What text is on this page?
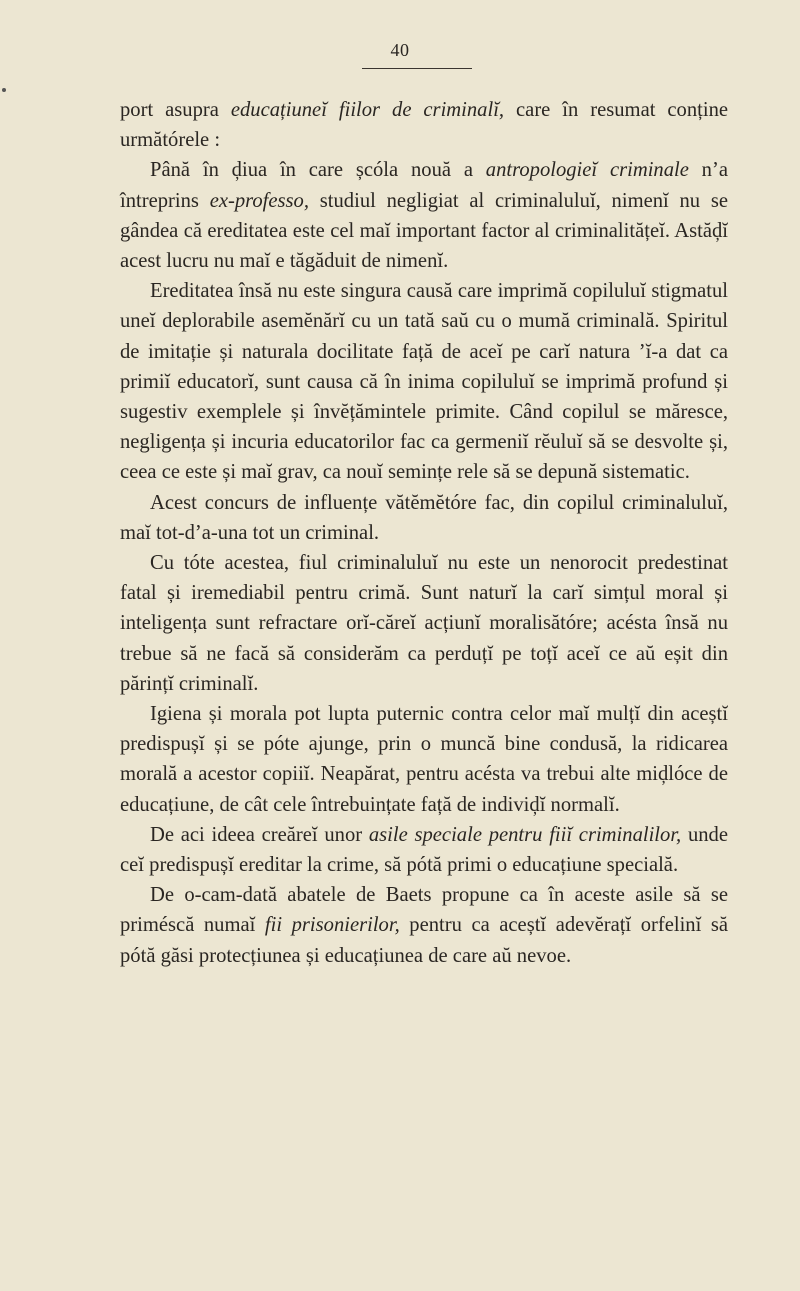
40

port asupra educațiuneĭ fiilor de criminalĭ, care în resumat conține următórele :

Până în ḑiua în care șcóla nouă a antropologieĭ criminale n’a întreprins ex-professo, studiul negligiat al criminaluluĭ, nimenĭ nu se gândea că ereditatea este cel maĭ important factor al criminalitățeĭ. Astăḑĭ acest lucru nu maĭ e tăgăduit de nimenĭ.

Ereditatea însă nu este singura causă care imprimă copiluluĭ stigmatul uneĭ deplorabile asemĕnărĭ cu un tată saŭ cu o mumă criminală. Spiritul de imitație și naturala docilitate față de aceĭ pe carĭ natura ’ĭ-a dat ca primiĭ educatorĭ, sunt causa că în inima copiluluĭ se imprimă profund și sugestiv exemplele și învĕțămintele primite. Când copilul se măresce, negligența și incuria educatorilor fac ca germeniĭ rĕuluĭ să se desvolte și, ceea ce este și maĭ grav, ca nouĭ semințe rele să se depună sistematic.

Acest concurs de influențe vătĕmĕtóre fac, din copilul criminaluluĭ, maĭ tot-d’a-una tot un criminal.

Cu tóte acestea, fiul criminaluluĭ nu este un nenorocit predestinat fatal și iremediabil pentru crimă. Sunt naturĭ la carĭ simțul moral și inteligența sunt refractare orĭ-căreĭ acțiunĭ moralisătóre; acésta însă nu trebue să ne facă să considerăm ca perduțĭ pe toțĭ aceĭ ce aŭ eșit din părințĭ criminalĭ.

Igiena și morala pot lupta puternic contra celor maĭ mulțĭ din aceștĭ predispușĭ și se póte ajunge, prin o muncă bine condusă, la ridicarea morală a acestor copiiĭ. Neapărat, pentru acésta va trebui alte miḑlóce de educațiune, de cât cele întrebuințate față de indiviḑĭ normalĭ.

De aci ideea creăreĭ unor asile speciale pentru fiiĭ criminalilor, unde ceĭ predispușĭ ereditar la crime, să pótă primi o educațiune specială.

De o-cam-dată abatele de Baets propune ca în aceste asile să se priméscă numaĭ fii prisonierilor, pentru ca aceștĭ adevĕrațĭ orfelinĭ să pótă găsi protecțiunea și educațiunea de care aŭ nevoe.
